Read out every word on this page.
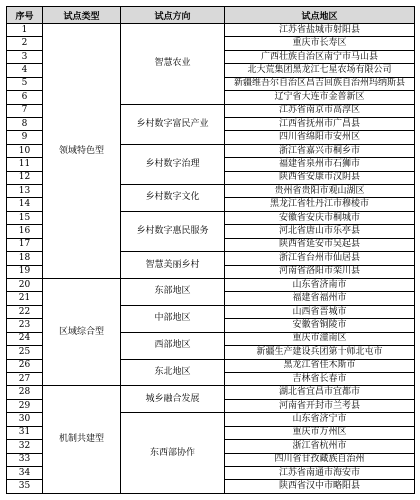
序号	试点类型	试点方向	试点地区
1	领域特色型	智慧农业	江苏省盐城市射阳县
2			重庆市长寿区
3			广西壮族自治区南宁市马山县
4			北大荒集团黑龙江七星农场有限公司
5			新疆维吾尔自治区昌吉回族自治州玛纳斯县
6			辽宁省大连市金普新区
7		乡村数字富民产业	江苏省南京市高淳区
8			江西省抚州市广昌县
9			四川省绵阳市安州区
10		乡村数字治理	浙江省嘉兴市桐乡市
11			福建省泉州市石狮市
12			陕西省安康市汉阴县
13		乡村数字文化	贵州省贵阳市观山湖区
14			黑龙江省牡丹江市穆棱市
15		乡村数字惠民服务	安徽省安庆市桐城市
16			河北省唐山市乐亭县
17			陕西省延安市吴起县
18		智慧美丽乡村	浙江省台州市仙居县
19			河南省洛阳市栾川县
20	区域综合型	东部地区	山东省济南市
21			福建省福州市
22		中部地区	山西省晋城市
23			安徽省铜陵市
24		西部地区	重庆市潼南区
25			新疆生产建设兵团第十师北屯市
26		东北地区	黑龙江省佳木斯市
27			吉林省长春市
28	机制共建型	城乡融合发展	湖北省宜昌市宜都市
29			河南省开封市兰考县
30		东西部协作	山东省济宁市
31			重庆市万州区
32			浙江省杭州市
33			四川省甘孜藏族自治州
34			江苏省南通市海安市
35			陕西省汉中市略阳县
